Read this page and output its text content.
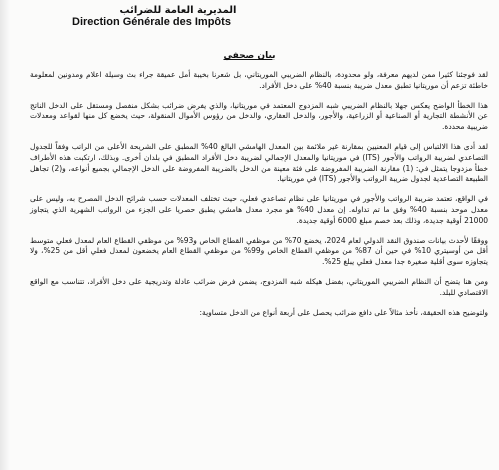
المديرية العامة للضرائب
Direction Générale des Impôts
بيان صحفي

لقد فوجئنا كثيرا ممن لديهم معرفة، ولو محدودة، بالنظام الضريبي الموريتاني، بل شعرنا بخيبة أمل عميقة جراء بث وسيلة اعلام ومدونين لمعلومة خاطئة تزعم أن موريتانيا تطبق معدل ضريبة بنسبة 40% على دخل الأفراد.

هذا الخطأ الواضح يعكس جهلا بالنظام الضريبي شبه المزدوج المعتمد في موريتانيا، والذي يفرض ضرائب بشكل منفصل ومستقل على الدخل الناتج عن الأنشطة التجارية أو الصناعية أو الزراعية، والأجور، والدخل العقاري، والدخل من رؤوس الأموال المنقولة، حيث يخضع كل منها لقواعد ومعدلات ضريبية محددة.

لقد أدى هذا الالتباس إلى قيام المعنيين بمقارنة غير ملائمة بين المعدل الهامشي البالغ 40% المطبق على الشريحة الأعلى من الراتب وفقاً للجدول التصاعدي لضريبة الرواتب والأجور (ITS) في موريتانيا والمعدل الإجمالي لضريبة دخل الأفراد المطبق في بلدان أخرى. وبذلك، ارتكبت هذه الأطراف خطأ مزدوجا يتمثل في: (1) مقارنة الضريبة المفروضة على فئة معينة من الدخل بالضريبة المفروضة على الدخل الإجمالي بجميع أنواعه، و(2) تجاهل الطبيعة التصاعدية لجدول ضريبة الرواتب والأجور (ITS) في موريتانيا.

في الواقع، تعتمد ضريبة الرواتب والأجور في موريتانيا على نظام تصاعدي فعلي، حيث تختلف المعدلات حسب شرائح الدخل المصرح به، وليس على معدل موحد بنسبة 40% وفق ما تم تداوله. إن معدل 40% هو مجرد معدل هامشي يطبق حصريا على الجزء من الرواتب الشهرية الذي يتجاوز 21000 أوقية جديدة، وذلك بعد خصم مبلغ 6000 أوقية جديدة.

ووفقًا لأحدث بيانات صندوق النقد الدولي لعام 2024، يخضع 70% من موظفي القطاع الخاص و93% من موظفي القطاع العام لمعدل فعلي متوسط أقل من أوسيتري 10% في حين أن 87% من موظفي القطاع الخاص و99% من موظفي القطاع العام يخضعون لمعدل فعلي أقل من 25%، ولا يتجاوزه سوى أقلية صغيرة جدا معدل فعلي يبلغ 25%.

ومن هنا يتضح أن النظام الضريبي الموريتاني، بفضل هيكله شبه المزدوج، يضمن فرض ضرائب عادلة وتدريجية على دخل الأفراد، تتناسب مع الواقع الاقتصادي للبلد.

ولتوضيح هذه الحقيقة، نأخذ مثالاً على دافع ضرائب يحصل على أربعة أنواع من الدخل متساوية:
